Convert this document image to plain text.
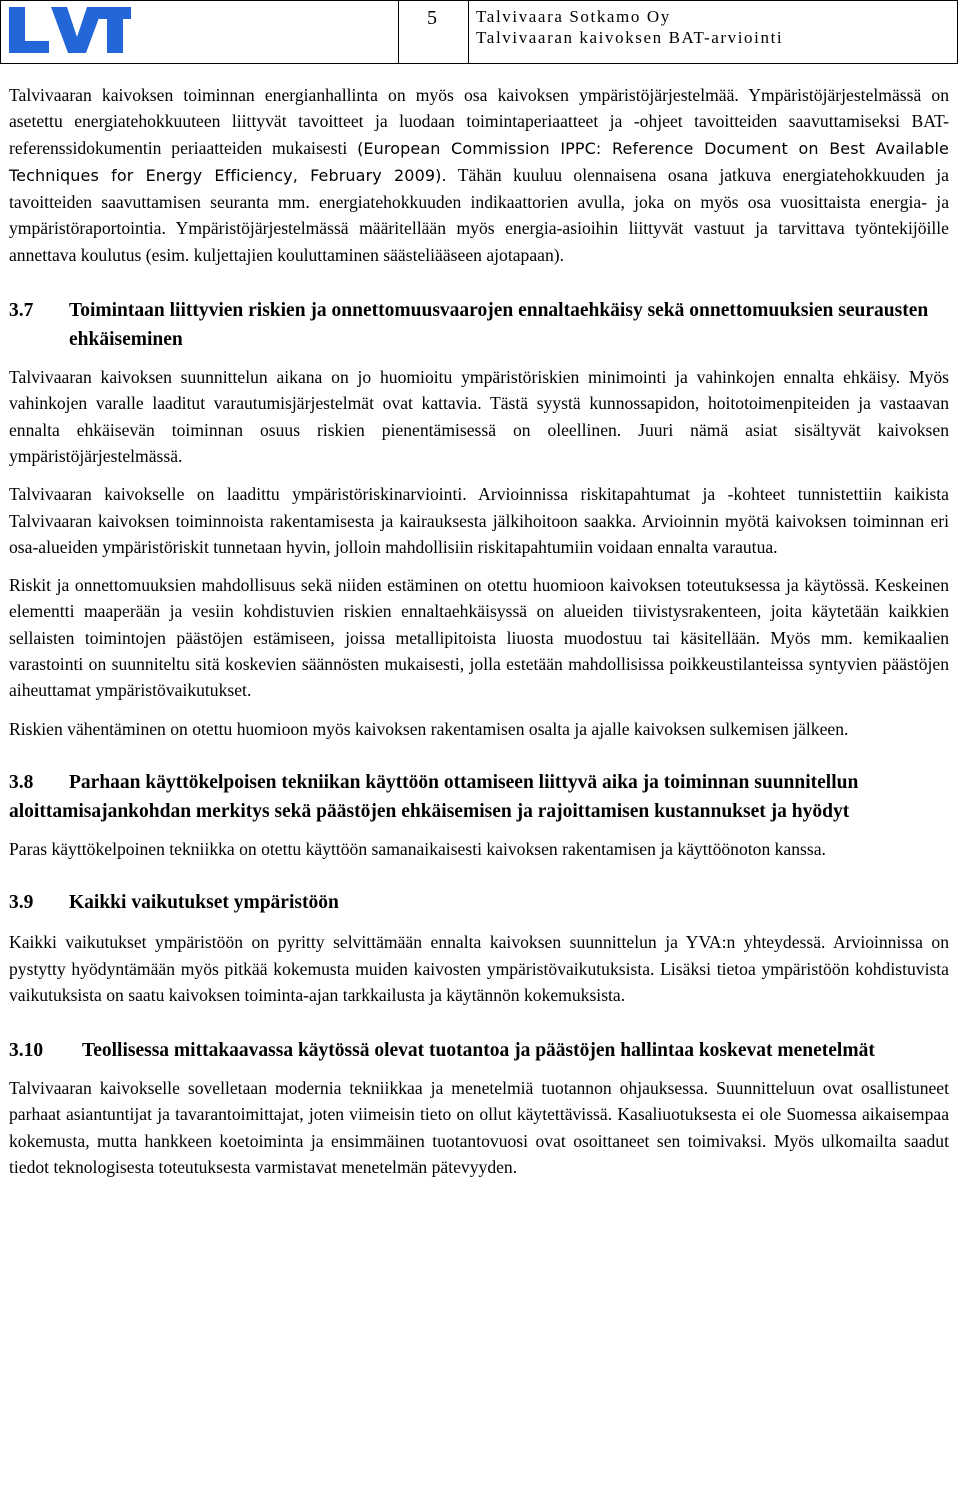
5	Talvivaara Sotkamo Oy
Talvivaaran kaivoksen BAT-arviointi

Talvivaaran kaivoksen toiminnan energianhallinta on myös osa kaivoksen ympäristöjärjestelmää. Ympäristöjärjestelmässä on asetettu energiatehokkuuteen liittyvät tavoitteet ja luodaan toimintaperiaatteet ja -ohjeet tavoitteiden saavuttamiseksi BAT-referenssidokumentin periaatteiden mukaisesti (European Commission IPPC: Reference Document on Best Available Techniques for Energy Efficiency, February 2009). Tähän kuuluu olennaisena osana jatkuva energiatehokkuuden ja tavoitteiden saavuttamisen seuranta mm. energiatehokkuuden indikaattorien avulla, joka on myös osa vuosittaista energia- ja ympäristöraportointia. Ympäristöjärjestelmässä määritellään myös energia-asioihin liittyvät vastuut ja tarvittava työntekijöille annettava koulutus (esim. kuljettajien kouluttaminen säästeliääseen ajotapaan).

3.7 Toimintaan liittyvien riskien ja onnettomuusvaarojen ennaltaehkäisy sekä onnettomuuksien seurausten ehkäiseminen

Talvivaaran kaivoksen suunnittelun aikana on jo huomioitu ympäristöriskien minimointi ja vahinkojen ennalta ehkäisy. Myös vahinkojen varalle laaditut varautumisjärjestelmät ovat kattavia. Tästä syystä kunnossapidon, hoitotoimenpiteiden ja vastaavan ennalta ehkäisevän toiminnan osuus riskien pienentämisessä on oleellinen. Juuri nämä asiat sisältyvät kaivoksen ympäristöjärjestelmässä.

Talvivaaran kaivokselle on laadittu ympäristöriskinarviointi. Arvioinnissa riskitapahtumat ja -kohteet tunnistettiin kaikista Talvivaaran kaivoksen toiminnoista rakentamisesta ja kairauksesta jälkihoitoon saakka. Arvioinnin myötä kaivoksen toiminnan eri osa-alueiden ympäristöriskit tunnetaan hyvin, jolloin mahdollisiin riskitapahtumiin voidaan ennalta varautua.

Riskit ja onnettomuuksien mahdollisuus sekä niiden estäminen on otettu huomioon kaivoksen toteutuksessa ja käytössä. Keskeinen elementti maaperään ja vesiin kohdistuvien riskien ennaltaehkäisyssä on alueiden tiivistysrakenteen, joita käytetään kaikkien sellaisten toimintojen päästöjen estämiseen, joissa metallipitoista liuosta muodostuu tai käsitellään. Myös mm. kemikaalien varastointi on suunniteltu sitä koskevien säännösten mukaisesti, jolla estetään mahdollisissa poikkeustilanteissa syntyvien päästöjen aiheuttamat ympäristövaikutukset.

Riskien vähentäminen on otettu huomioon myös kaivoksen rakentamisen osalta ja ajalle kaivoksen sulkemisen jälkeen.

3.8 Parhaan käyttökelpoisen tekniikan käyttöön ottamiseen liittyvä aika ja toiminnan suunnitellun aloittamisajankohdan merkitys sekä päästöjen ehkäisemisen ja rajoittamisen kustannukset ja hyödyt

Paras käyttökelpoinen tekniikka on otettu käyttöön samanaikaisesti kaivoksen rakentamisen ja käyttöönoton kanssa.

3.9 Kaikki vaikutukset ympäristöön

Kaikki vaikutukset ympäristöön on pyritty selvittämään ennalta kaivoksen suunnittelun ja YVA:n yhteydessä. Arvioinnissa on pystytty hyödyntämään myös pitkää kokemusta muiden kaivosten ympäristövaikutuksista. Lisäksi tietoa ympäristöön kohdistuvista vaikutuksista on saatu kaivoksen toiminta-ajan tarkkailusta ja käytännön kokemuksista.

3.10 Teollisessa mittakaavassa käytössä olevat tuotantoa ja päästöjen hallintaa koskevat menetelmät

Talvivaaran kaivokselle sovelletaan modernia tekniikkaa ja menetelmiä tuotannon ohjauksessa. Suunnitteluun ovat osallistuneet parhaat asiantuntijat ja tavarantoimittajat, joten viimeisin tieto on ollut käytettävissä. Kasaliuotuksesta ei ole Suomessa aikaisempaa kokemusta, mutta hankkeen koetoiminta ja ensimmäinen tuotantovuosi ovat osoittaneet sen toimivaksi. Myös ulkomailta saadut tiedot teknologisesta toteutuksesta varmistavat menetelmän pätevyyden.
